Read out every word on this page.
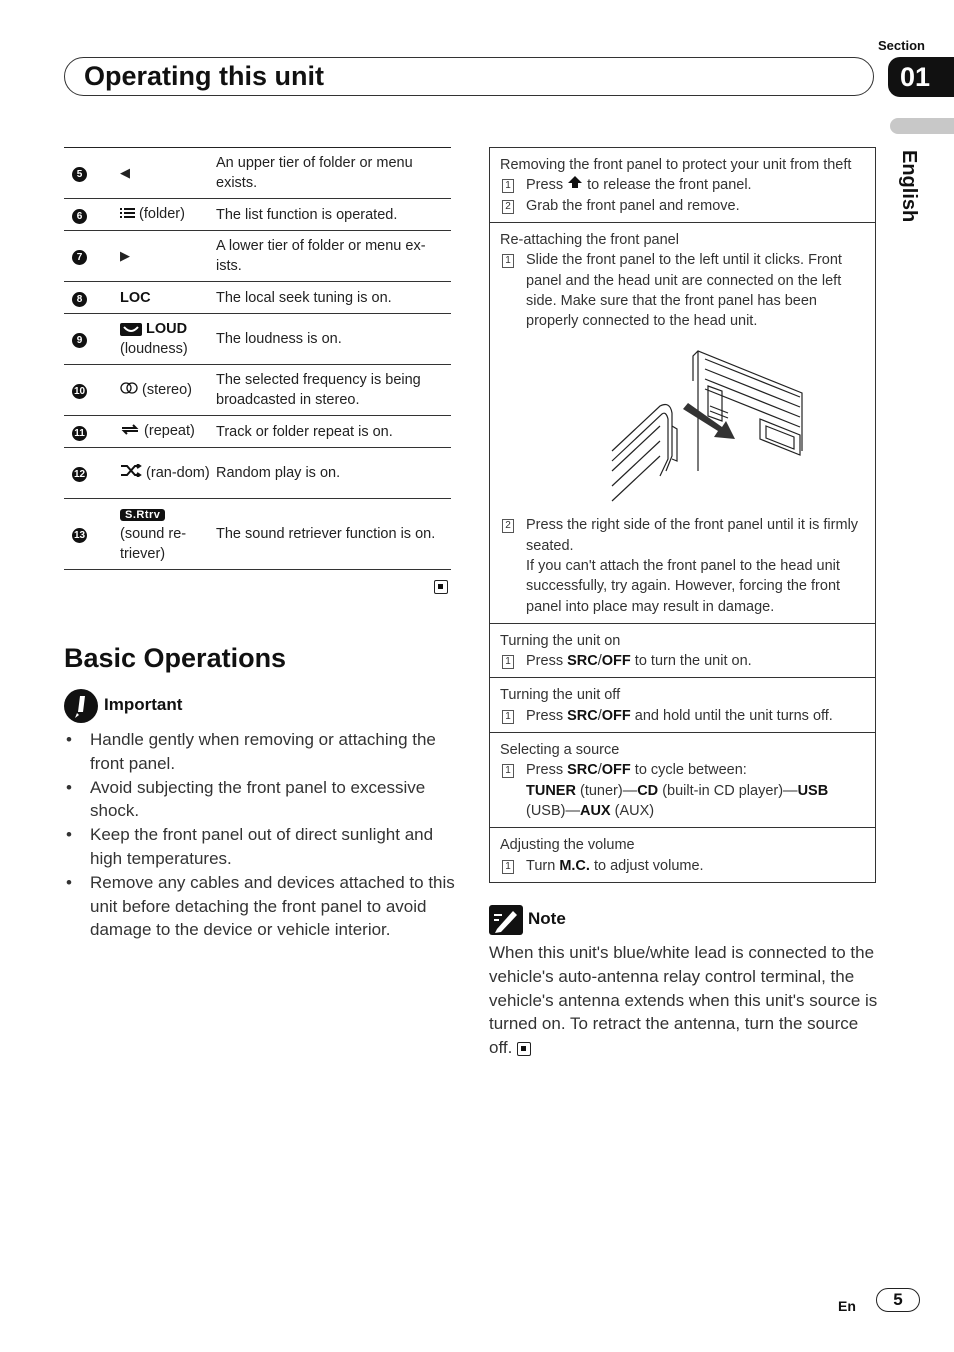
Section
01
Operating this unit
English
5	◀	An upper tier of folder or menu exists.
6	(folder)	The list function is operated.
7	▶	A lower tier of folder or menu ex-ists.
8	LOC	The local seek tuning is on.
9	LOUD
(loudness)	The loudness is on.
10	(stereo)	The selected frequency is being broadcasted in stereo.
11	(repeat)	Track or folder repeat is on.
12	(ran-dom)	Random play is on.
13	S.Rtrv
(sound re-triever)	The sound retriever function is on.
Basic Operations
Important
• Handle gently when removing or attaching the front panel.
• Avoid subjecting the front panel to excessive shock.
• Keep the front panel out of direct sunlight and high temperatures.
• Remove any cables and devices attached to this unit before detaching the front panel to avoid damage to the device or vehicle interior.
Removing the front panel to protect your unit from theft
1 Press to release the front panel.
2 Grab the front panel and remove.
Re-attaching the front panel
1 Slide the front panel to the left until it clicks. Front panel and the head unit are connected on the left side. Make sure that the front panel has been properly connected to the head unit.
2 Press the right side of the front panel until it is firmly seated.
If you can't attach the front panel to the head unit successfully, try again. However, forcing the front panel into place may result in damage.
Turning the unit on
1 Press SRC/OFF to turn the unit on.
Turning the unit off
1 Press SRC/OFF and hold until the unit turns off.
Selecting a source
1 Press SRC/OFF to cycle between:
TUNER (tuner)—CD (built-in CD player)—USB (USB)—AUX (AUX)
Adjusting the volume
1 Turn M.C. to adjust volume.
Note
When this unit's blue/white lead is connected to the vehicle's auto-antenna relay control terminal, the vehicle's antenna extends when this unit's source is turned on. To retract the antenna, turn the source off.
En	5
